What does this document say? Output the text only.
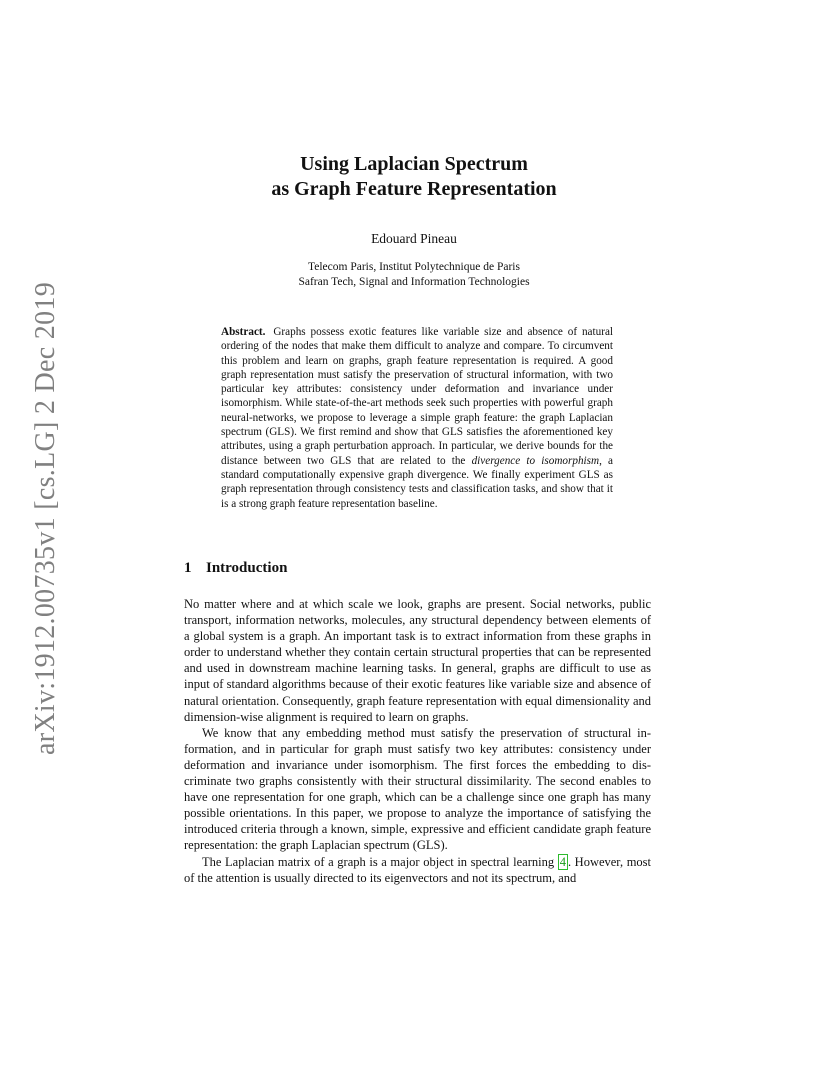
arXiv:1912.00735v1 [cs.LG] 2 Dec 2019
Using Laplacian Spectrum
as Graph Feature Representation
Edouard Pineau
Telecom Paris, Institut Polytechnique de Paris
Safran Tech, Signal and Information Technologies
Abstract. Graphs possess exotic features like variable size and absence of natural ordering of the nodes that make them difficult to analyze and compare. To circumvent this problem and learn on graphs, graph feature representation is required. A good graph representation must satisfy the preservation of structural information, with two particular key attributes: consistency under deformation and invariance under isomorphism. While state-of-the-art methods seek such properties with powerful graph neural-networks, we propose to leverage a simple graph feature: the graph Laplacian spectrum (GLS). We first remind and show that GLS satisfies the aforementioned key attributes, using a graph perturbation approach. In particular, we derive bounds for the distance between two GLS that are related to the divergence to isomorphism, a standard computationally expensive graph divergence. We finally experiment GLS as graph representation through consistency tests and classification tasks, and show that it is a strong graph feature representation baseline.
1 Introduction

No matter where and at which scale we look, graphs are present. Social networks, public transport, information networks, molecules, any structural dependency between elements of a global system is a graph. An important task is to extract information from these graphs in order to understand whether they contain certain structural properties that can be represented and used in downstream machine learning tasks. In general, graphs are difficult to use as input of standard algorithms because of their exotic features like variable size and absence of natural orientation. Consequently, graph feature representation with equal dimensionality and dimension-wise alignment is required to learn on graphs.

We know that any embedding method must satisfy the preservation of structural information, and in particular for graph must satisfy two key attributes: consistency under deformation and invariance under isomorphism. The first forces the embedding to discriminate two graphs consistently with their structural dissimilarity. The second enables to have one representation for one graph, which can be a challenge since one graph has many possible orientations. In this paper, we propose to analyze the importance of satisfying the introduced criteria through a known, simple, expressive and efficient candidate graph feature representation: the graph Laplacian spectrum (GLS).

The Laplacian matrix of a graph is a major object in spectral learning 4 . However, most of the attention is usually directed to its eigenvectors and not its spectrum, and
